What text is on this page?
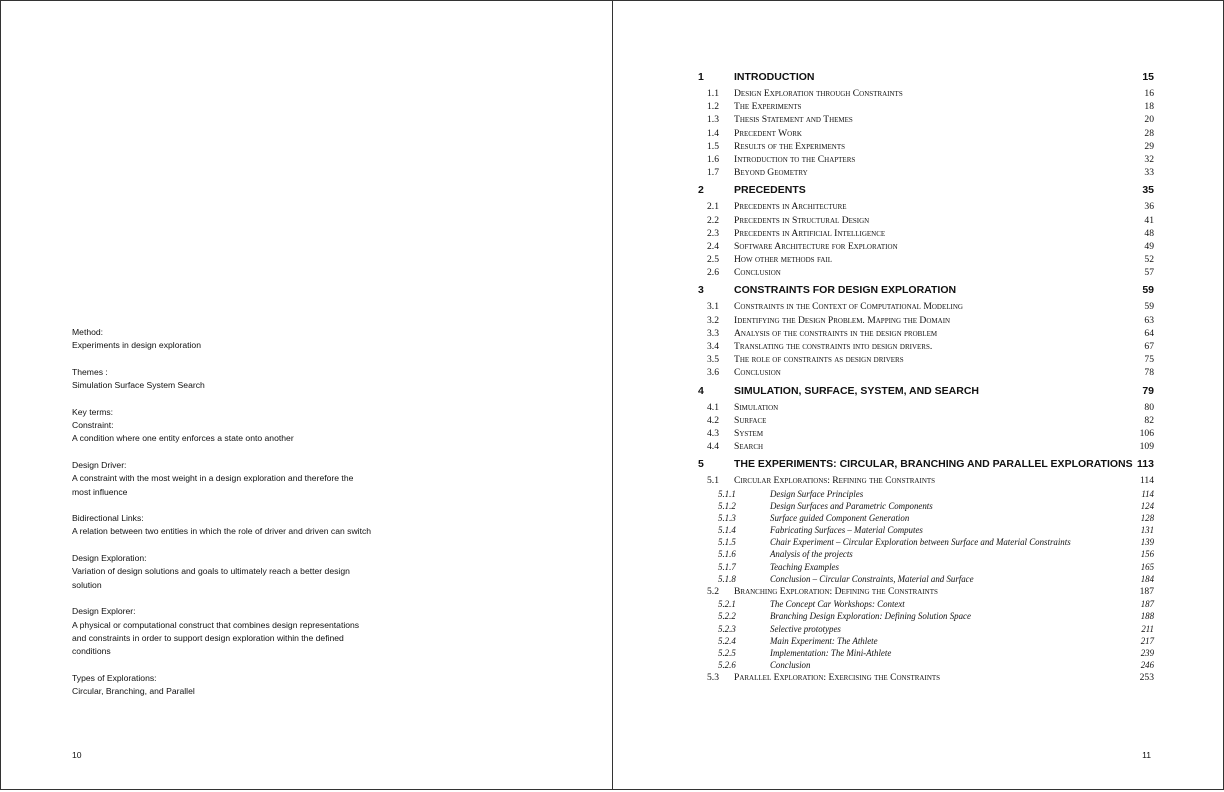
Method:
Experiments in design exploration
Themes :
Simulation Surface System Search
Key terms:
Constraint:
A condition where one entity enforces a state onto another
Design Driver:
A constraint with the most weight in a design exploration and therefore the
most influence
Bidirectional Links:
A relation between two entities in which the role of driver and driven can switch
Design Exploration:
Variation of design solutions and goals to ultimately reach a better design
solution
Design Explorer:
A physical or computational construct that combines design representations
and constraints in order to support design exploration within the defined
conditions
Types of Explorations:
Circular, Branching, and Parallel
10
1	INTRODUCTION	15
1.1 Design Exploration through Constraints	16
1.2 The Experiments	18
1.3 Thesis Statement and Themes	20
1.4 Precedent Work	28
1.5 Results of the Experiments	29
1.6 Introduction to the Chapters	32
1.7 Beyond Geometry	33
2	PRECEDENTS	35
2.1 Precedents in Architecture	36
2.2 Precedents in Structural Design	41
2.3 Precedents in Artificial Intelligence	48
2.4 Software Architecture for Exploration	49
2.5 How other methods fail	52
2.6 Conclusion	57
3	CONSTRAINTS FOR DESIGN EXPLORATION	59
3.1 Constraints in the Context of Computational Modeling	59
3.2 Identifying the Design Problem. Mapping the Domain	63
3.3 Analysis of the constraints in the design problem	64
3.4 Translating the constraints into design drivers.	67
3.5 The role of constraints as design drivers	75
3.6 Conclusion	78
4	SIMULATION, SURFACE, SYSTEM, AND SEARCH	79
4.1 Simulation	80
4.2 Surface	82
4.3 System	106
4.4 Search	109
5	THE EXPERIMENTS: CIRCULAR, BRANCHING AND PARALLEL EXPLORATIONS 113
5.1 Circular Explorations: Refining the Constraints	114
5.1.1	Design Surface Principles	114
5.1.2	Design Surfaces and Parametric Components	124
5.1.3	Surface guided Component Generation	128
5.1.4	Fabricating Surfaces – Material Computes	131
5.1.5	Chair Experiment – Circular Exploration between Surface and Material Constraints	139
5.1.6	Analysis of the projects	156
5.1.7	Teaching Examples	165
5.1.8	Conclusion – Circular Constraints, Material and Surface	184
5.2 Branching Exploration: Defining the Constraints	187
5.2.1	The Concept Car Workshops: Context	187
5.2.2	Branching Design Exploration: Defining Solution Space	188
5.2.3	Selective prototypes	211
5.2.4	Main Experiment: The Athlete	217
5.2.5	Implementation: The Mini-Athlete	239
5.2.6	Conclusion	246
5.3 Parallel Exploration: Exercising the Constraints	253
11
